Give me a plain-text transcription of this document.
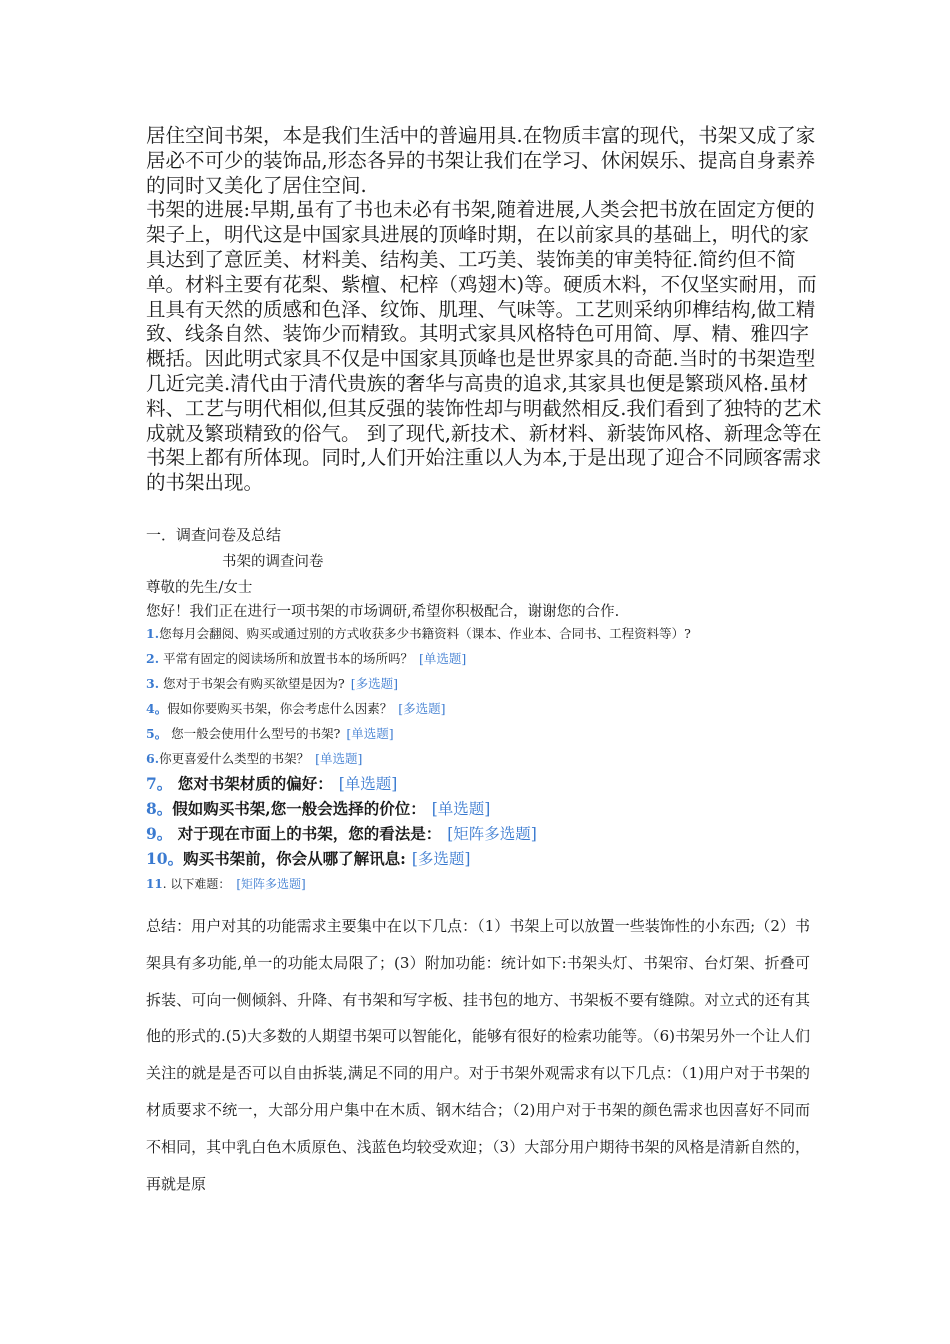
居住空间书架，本是我们生活中的普遍用具.在物质丰富的现代，书架又成了家居必不可少的装饰品,形态各异的书架让我们在学习、休闲娱乐、提高自身素养的同时又美化了居住空间.

书架的进展:早期,虽有了书也未必有书架,随着进展,人类会把书放在固定方便的架子上，明代这是中国家具进展的顶峰时期，在以前家具的基础上，明代的家具达到了意匠美、材料美、结构美、工巧美、装饰美的审美特征.简约但不简单。材料主要有花梨、紫檀、杞梓（鸡翅木)等。硬质木料，不仅坚实耐用，而且具有天然的质感和色泽、纹饰、肌理、气味等。工艺则采纳卯榫结构,做工精致、线条自然、装饰少而精致。其明式家具风格特色可用简、厚、精、雅四字概括。因此明式家具不仅是中国家具顶峰也是世界家具的奇葩.当时的书架造型几近完美.清代由于清代贵族的奢华与高贵的追求,其家具也便是繁琐风格.虽材料、工艺与明代相似,但其反强的装饰性却与明截然相反.我们看到了独特的艺术成就及繁琐精致的俗气。 到了现代,新技术、新材料、新装饰风格、新理念等在书架上都有所体现。同时,人们开始注重以人为本,于是出现了迎合不同顾客需求的书架出现。

一．调查问卷及总结

书架的调查问卷

尊敬的先生/女士

您好！我们正在进行一项书架的市场调研,希望你积极配合，谢谢您的合作.

1.您每月会翻阅、购买或通过别的方式收获多少书籍资料（课本、作业本、合同书、工程资料等）?
2. 平常有固定的阅读场所和放置书本的场所吗？ [单选题]
3. 您对于书架会有购买欲望是因为? [多选题]
4。假如你要购买书架，你会考虑什么因素？ [多选题]
5。 您一般会使用什么型号的书架? [单选题]
6.你更喜爱什么类型的书架？ [单选题]
7。 您对书架材质的偏好： [单选题]
8。假如购买书架,您一般会选择的价位： [单选题]
9。 对于现在市面上的书架，您的看法是： [矩阵多选题]
10。购买书架前，你会从哪了解讯息: [多选题]
11. 以下难题： [矩阵多选题]

总结：用户对其的功能需求主要集中在以下几点：（1）书架上可以放置一些装饰性的小东西;（2）书架具有多功能,单一的功能太局限了；(3）附加功能：统计如下:书架头灯、书架帘、台灯架、折叠可拆装、可向一侧倾斜、升降、有书架和写字板、挂书包的地方、书架板不要有缝隙。对立式的还有其他的形式的.(5)大多数的人期望书架可以智能化，能够有很好的检索功能等。（6)书架另外一个让人们关注的就是是否可以自由拆装,满足不同的用户。对于书架外观需求有以下几点：（1)用户对于书架的材质要求不统一，大部分用户集中在木质、钢木结合；（2)用户对于书架的颜色需求也因喜好不同而不相同，其中乳白色木质原色、浅蓝色均较受欢迎；（3）大部分用户期待书架的风格是清新自然的，再就是原
